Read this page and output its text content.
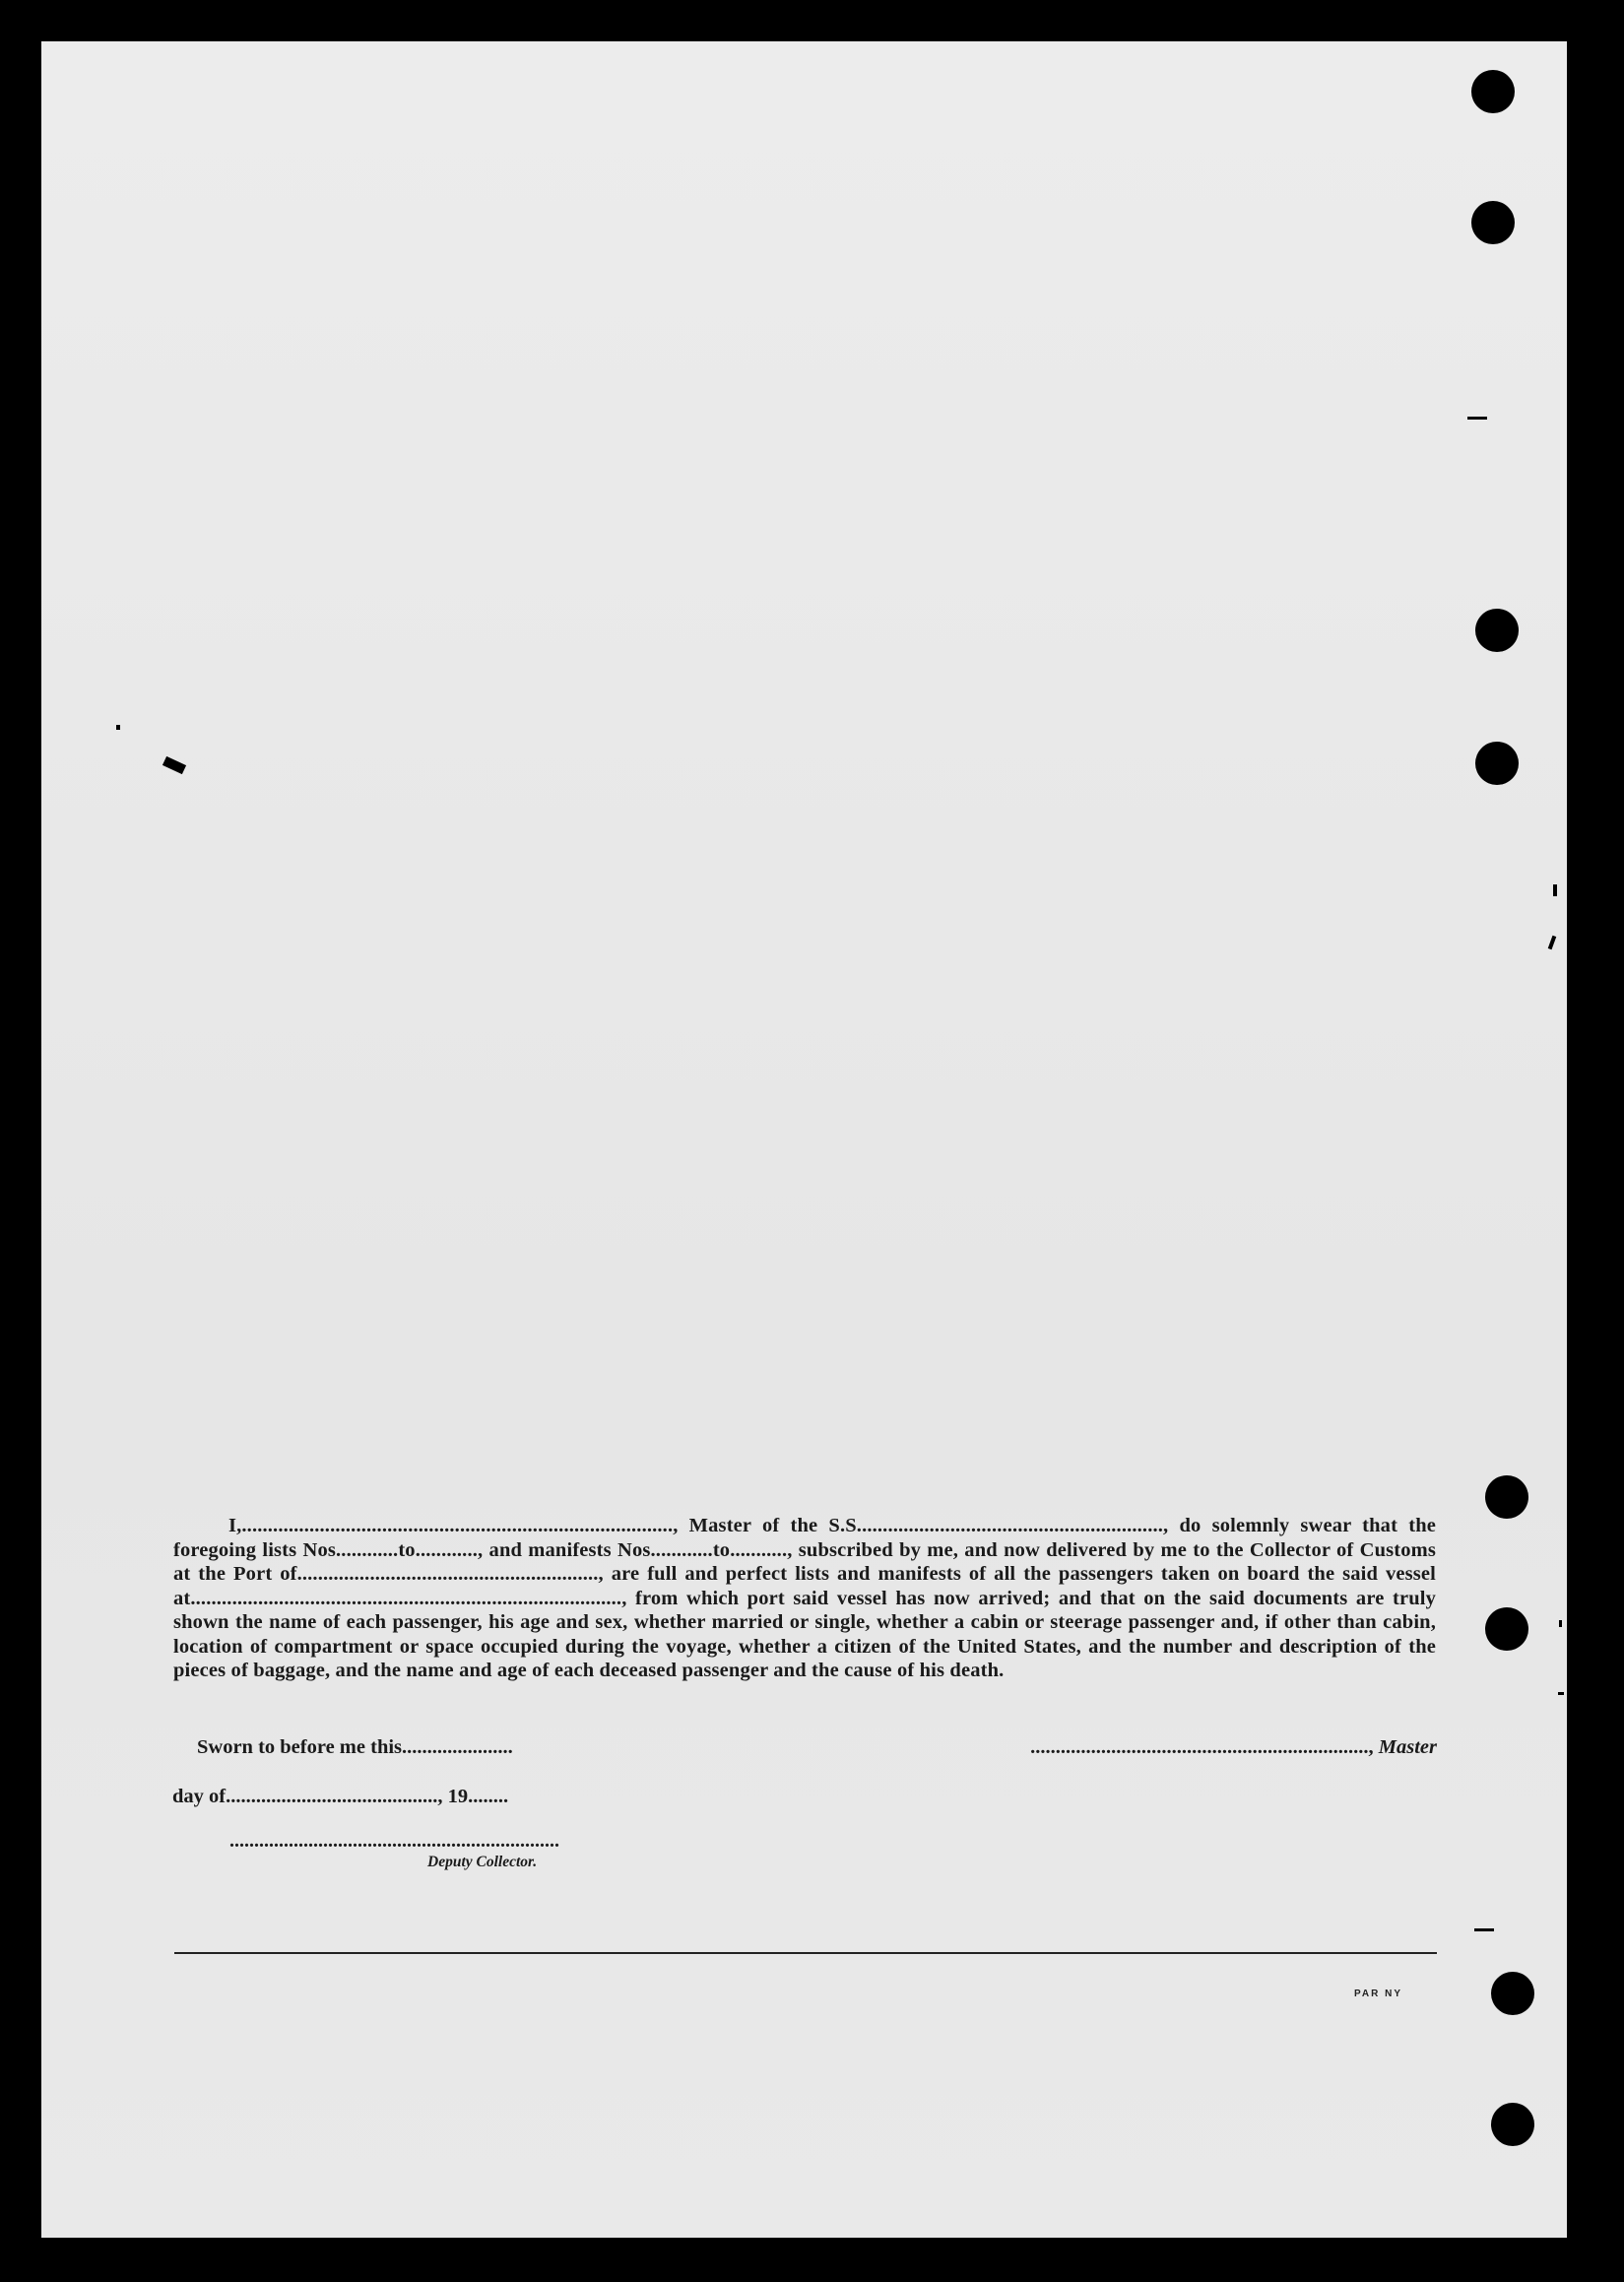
I,..................................................................................., Master of the S.S..........................................................., do solemnly swear that the foregoing lists Nos............to............, and manifests Nos............to..........., subscribed by me, and now delivered by me to the Collector of Customs at the Port of.........................................................., are full and perfect lists and manifests of all the passengers taken on board the said vessel at..................................................................................., from which port said vessel has now arrived; and that on the said documents are truly shown the name of each passenger, his age and sex, whether married or single, whether a cabin or steerage passenger and, if other than cabin, location of compartment or space occupied during the voyage, whether a citizen of the United States, and the number and description of the pieces of baggage, and the name and age of each deceased passenger and the cause of his death.

Sworn to before me this......................	..................................................................., Master
day of.........................................., 19........
...................................................................
Deputy Collector.
PAR NY
